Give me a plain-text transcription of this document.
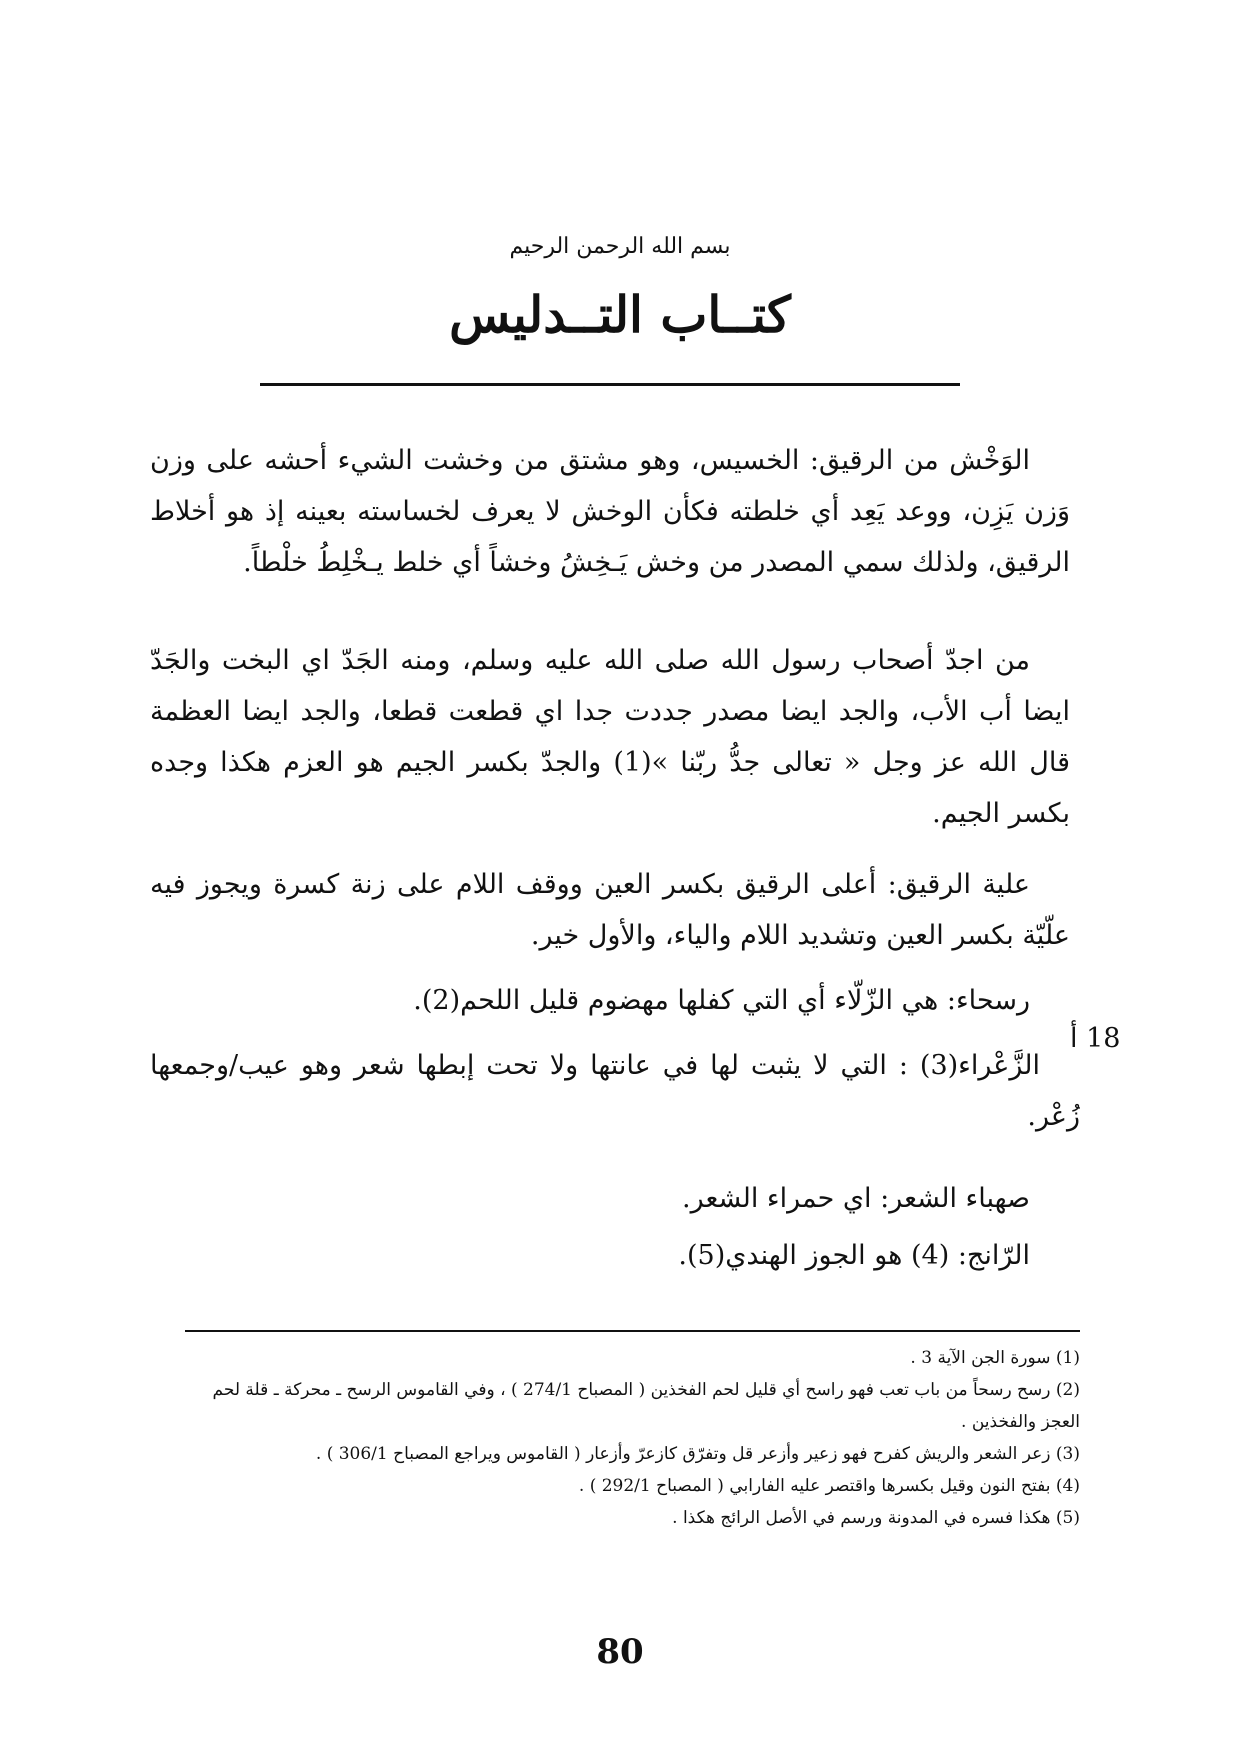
بسم الله الرحمن الرحيم
كتــاب التــدليس

الوَخْش من الرقيق: الخسيس، وهو مشتق من وخشت الشيء أحشه على وزن وَزن يَزِن، ووعد يَعِد أي خلطته فكأن الوخش لا يعرف لخساسته بعينه إذ هو أخلاط الرقيق، ولذلك سمي المصدر من وخش يَـخِشُ وخشاً أي خلط يـخْلِطُ خلْطاً.

من اجدّ أصحاب رسول الله صلى الله عليه وسلم، ومنه الجَدّ اي البخت والجَدّ ايضا أب الأب، والجد ايضا مصدر جددت جدا اي قطعت قطعا، والجد ايضا العظمة قال الله عز وجل « تعالى جدُّ ربّنا »(1) والجدّ بكسر الجيم هو العزم هكذا وجده بكسر الجيم.

علية الرقيق: أعلى الرقيق بكسر العين ووقف اللام على زنة كسرة ويجوز فيه علّيّة بكسر العين وتشديد اللام والياء، والأول خير.

رسحاء: هي الزّلّاء أي التي كفلها مهضوم قليل اللحم(2).

18 أ

الزَّعْراء(3) : التي لا يثبت لها في عانتها ولا تحت إبطها شعر وهو عيب/وجمعها زُعْر.

صهباء الشعر: اي حمراء الشعر.

الرّانج: (4) هو الجوز الهندي(5).

(1) سورة الجن الآية 3 .

(2) رسح رسحاً من باب تعب فهو راسح أي قليل لحم الفخذين ( المصباح 274/1 ) ، وفي القاموس الرسح ـ محركة ـ قلة لحم العجز والفخذين .

(3) زعر الشعر والريش كفرح فهو زعير وأزعر قل وتفرّق كازعرّ وأزعار ( القاموس ويراجع المصباح 306/1 ) .

(4) بفتح النون وقيل بكسرها واقتصر عليه الفارابي ( المصباح 292/1 ) .

(5) هكذا فسره في المدونة ورسم في الأصل الرائج هكذا .

80
